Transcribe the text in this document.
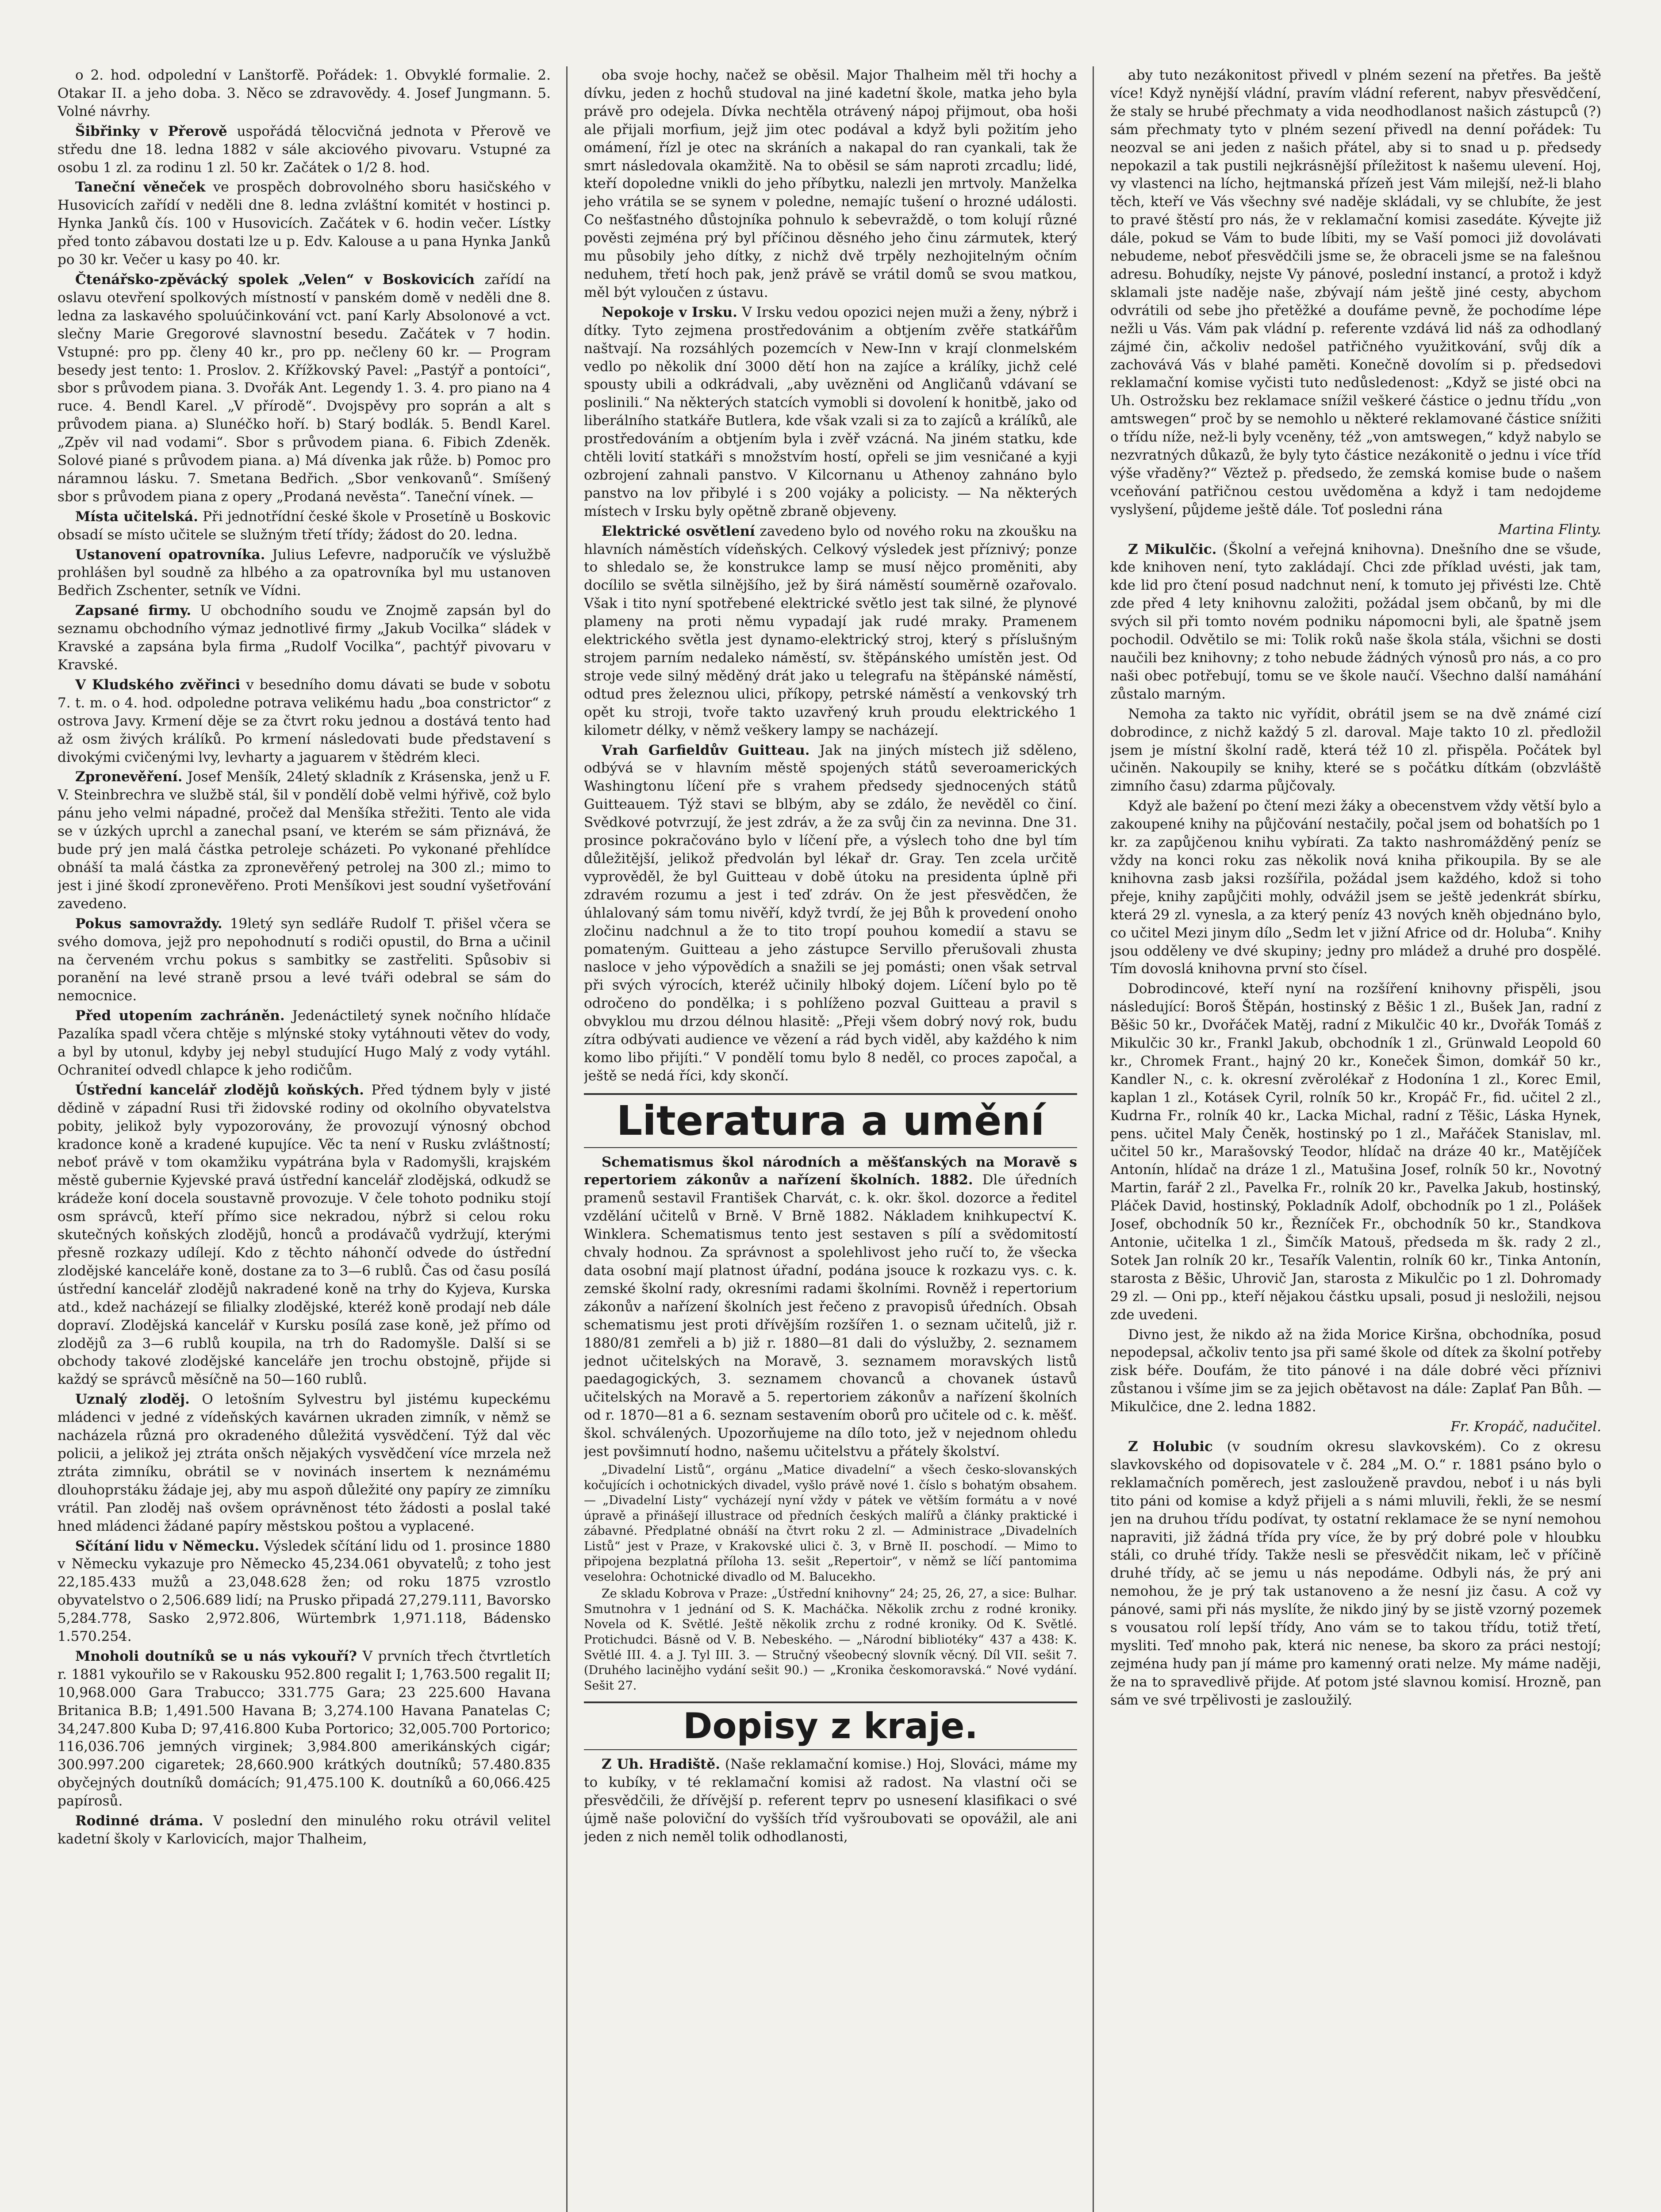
o 2. hod. odpolední v Lanštorfě. Pořádek: 1. Obvyklé formalie. 2. Otakar II. a jeho doba. 3. Něco se zdravovědy. 4. Josef Jungmann. 5. Volné návrhy.

Šibřinky v Přerově uspořádá tělocvičná jednota v Přerově ve středu dne 18. ledna 1882 v sále akciového pivovaru. Vstupné za osobu 1 zl. za rodinu 1 zl. 50 kr. Začátek o 1/2 8. hod.

Taneční věneček ve prospěch dobrovolného sboru hasičského v Husovicích zařídí v neděli dne 8. ledna zvláštní komitét v hostinci p. Hynka Janků čís. 100 v Husovicích. Začátek v 6. hodin večer. Lístky před tonto zábavou dostati lze u p. Edv. Kalouse a u pana Hynka Janků po 30 kr. Večer u kasy po 40. kr.

Čtenářsko-zpěvácký spolek „Velen“ v Boskovicích zařídí na oslavu otevření spolkových místností v panském domě v neděli dne 8. ledna za laskavého spoluúčinkování vct. paní Karly Absolonové a vct. slečny Marie Gregorové slavnostní besedu. Začátek v 7 hodin. Vstupné: pro pp. členy 40 kr., pro pp. nečleny 60 kr. — Program besedy jest tento: 1. Proslov. 2. Křížkovský Pavel: „Pastýř a pontoíci“, sbor s průvodem piana. 3. Dvořák Ant. Legendy 1. 3. 4. pro piano na 4 ruce. 4. Bendl Karel. „V přírodě“. Dvojspěvy pro soprán a alt s průvodem piana. a) Slunéčko hoří. b) Starý bodlák. 5. Bendl Karel. „Zpěv vil nad vodami“. Sbor s průvodem piana. 6. Fibich Zdeněk. Solové piané s průvodem piana. a) Má dívenka jak růže. b) Pomoc pro náramnou lásku. 7. Smetana Bedřich. „Sbor venkovanů“. Smíšený sbor s průvodem piana z opery „Prodaná nevěsta“. Taneční vínek. —

Místa učitelská. Při jednotřídní české škole v Prosetíně u Boskovic obsadí se místo učitele se služným třetí třídy; žádost do 20. ledna.

Ustanovení opatrovníka. Julius Lefevre, nadporučík ve výslužbě prohlášen byl soudně za hlbého a za opatrovníka byl mu ustanoven Bedřich Zschenter, setník ve Vídni.

Zapsané firmy. U obchodního soudu ve Znojmě zapsán byl do seznamu obchodního výmaz jednotlivé firmy „Jakub Vocilka“ sládek v Kravské a zapsána byla firma „Rudolf Vocilka“, pachtýř pivovaru v Kravské.

V Kludského zvěřinci v besedního domu dávati se bude v sobotu 7. t. m. o 4. hod. odpoledne potrava velikému hadu „boa constrictor“ z ostrova Javy. Krmení děje se za čtvrt roku jednou a dostává tento had až osm živých králíků. Po krmení následovati bude představení s divokými cvičenými lvy, levharty a jaguarem v štědrém kleci.

Zpronevěření. Josef Menšík, 24letý skladník z Krásenska, jenž u F. V. Steinbrechra ve službě stál, šil v pondělí době velmi hýřivě, což bylo pánu jeho velmi nápadné, pročež dal Menšíka střežiti. Tento ale vida se v úzkých uprchl a zanechal psaní, ve kterém se sám přiznává, že bude prý jen malá částka petroleje scházeti. Po vykonané přehlídce obnáší ta malá částka za zpronevěřený petrolej na 300 zl.; mimo to jest i jiné škodí zpronevěřeno. Proti Menšíkovi jest soudní vyšetřování zavedeno.

Pokus samovraždy. 19letý syn sedláře Rudolf T. přišel včera se svého domova, jejž pro nepohodnutí s rodiči opustil, do Brna a učinil na červeném vrchu pokus s sambitky se zastřeliti. Spůsobiv si poranění na levé straně prsou a levé tváři odebral se sám do nemocnice.

Před utopením zachráněn. Jedenáctiletý synek nočního hlídače Pazalíka spadl včera chtěje s mlýnské stoky vytáhnouti větev do vody, a byl by utonul, kdyby jej nebyl studující Hugo Malý z vody vytáhl. Ochraniteí odvedl chlapce k jeho rodičům.

Ústřední kancelář zlodějů koňských. Před týdnem byly v jisté dědině v západní Rusi tři židovské rodiny od okolního obyvatelstva pobity, jelikož byly vypozorovány, že provozují výnosný obchod kradonce koně a kradené kupujíce. Věc ta není v Rusku zvláštností; neboť právě v tom okamžiku vypátrána byla v Radomyšli, krajském městě gubernie Kyjevské pravá ústřední kancelář zlodějská, odkudž se krádeže koní docela soustavně provozuje. V čele tohoto podniku stojí osm správců, kteří přímo sice nekradou, nýbrž si celou roku skutečných koňských zlodějů, honců a prodávačů vydržují, kterými přesně rozkazy udílejí. Kdo z těchto náhončí odvede do ústřední zlodějské kanceláře koně, dostane za to 3—6 rublů. Čas od času posílá ústřední kancelář zlodějů nakradené koně na trhy do Kyjeva, Kurska atd., kdež nacházejí se filialky zlodějské, kteréž koně prodají neb dále dopraví. Zlodějská kancelář v Kursku posílá zase koně, jež přímo od zlodějů za 3—6 rublů koupila, na trh do Radomyšle. Další si se obchody takové zlodějské kanceláře jen trochu obstojně, přijde si každý se správců měsíčně na 50—160 rublů.

Uznalý zloděj. O letošním Sylvestru byl jistému kupeckému mládenci v jedné z vídeňských kavárnen ukraden zimník, v němž se nacházela různá pro okradeného důležitá vysvědčení. Týž dal věc policii, a jelikož jej ztráta onšch nějakých vysvědčení více mrzela než ztráta zimníku, obrátil se v novinách insertem k neznámému dlouhoprstáku žádaje jej, aby mu aspoň důležité ony papíry ze zimníku vrátil. Pan zloděj naš ovšem oprávněnost této žádosti a poslal také hned mládenci žádané papíry městskou poštou a vyplacené.

Sčítání lidu v Německu. Výsledek sčítání lidu od 1. prosince 1880 v Německu vykazuje pro Německo 45,234.061 obyvatelů; z toho jest 22,185.433 mužů a 23,048.628 žen; od roku 1875 vzrostlo obyvatelstvo o 2,506.689 lidí; na Prusko připadá 27,279.111, Bavorsko 5,284.778, Sasko 2,972.806, Würtembrk 1,971.118, Bádensko 1.570.254.

Mnoholi doutníků se u nás vykouří? V prvních třech čtvrtletích r. 1881 vykouřilo se v Rakousku 952.800 regalit I; 1,763.500 regalit II; 10,968.000 Gara Trabucco; 331.775 Gara; 23 225.600 Havana Britanica B.B; 1,491.500 Havana B; 3,274.100 Havana Panatelas C; 34,247.800 Kuba D; 97,416.800 Kuba Portorico; 32,005.700 Portorico; 116,036.706 jemných virginek; 3,984.800 amerikánských cigár; 300.997.200 cigaretek; 28,660.900 krátkých doutníků; 57.480.835 obyčejných doutníků domácích; 91,475.100 K. doutníků a 60,066.425 papírosů.

Rodinné dráma. V poslední den minulého roku otrávil velitel kadetní školy v Karlovicích, major Thalheim,

oba svoje hochy, načež se oběsil. Major Thalheim měl tři hochy a dívku, jeden z hochů studoval na jiné kadetní škole, matka jeho byla právě pro odejela. Dívka nechtěla otrávený nápoj přijmout, oba hoši ale přijali morfium, jejž jim otec podával a když byli požitím jeho omámení, řízl je otec na skráních a nakapal do ran cyankali, tak že smrt následovala okamžitě. Na to oběsil se sám naproti zrcadlu; lidé, kteří dopoledne vnikli do jeho příbytku, nalezli jen mrtvoly. Manželka jeho vrátila se se synem v poledne, nemajíc tušení o hrozné události. Co nešťastného důstojníka pohnulo k sebevraždě, o tom kolují různé pověsti zejména prý byl příčinou děsného jeho činu zármutek, který mu působily jeho dítky, z nichž dvě trpěly nezhojitelným očním neduhem, třetí hoch pak, jenž právě se vrátil domů se svou matkou, měl být vyloučen z ústavu.

Nepokoje v Irsku. V Irsku vedou opozici nejen muži a ženy, nýbrž i dítky. Tyto zejmena prostředovánim a obtjením zvěře statkářům naštvají. Na rozsáhlých pozemcích v New-Inn v krají clonmelském vedlo po několik dní 3000 dětí hon na zajíce a králíky, jichž celé spousty ubili a odkrádvali, „aby uvězněni od Angličanů vdávaní se poslinili.“ Na některých statcích vymobli si dovolení k honitbě, jako od liberálního statkáře Butlera, kde však vzali si za to zajíců a králíků, ale prostředováním a obtjením byla i zvěř vzácná. Na jiném statku, kde chtěli lovití statkáři s množstvím hostí, opřeli se jim vesničané a kyji ozbrojení zahnali panstvo. V Kilcornanu u Athenoy zahnáno bylo panstvo na lov přibylé i s 200 vojáky a policisty. — Na některých místech v Irsku byly opětně zbraně objeveny.

Elektrické osvětlení zavedeno bylo od nového roku na zkoušku na hlavních náměstích vídeňských. Celkový výsledek jest příznivý; ponze to shledalo se, že konstrukce lamp se musí nějco proměniti, aby docílilo se světla silnějšího, jež by širá náměstí souměrně ozařovalo. Však i tito nyní spotřebené elektrické světlo jest tak silné, že plynové plameny na proti němu vypadají jak rudé mraky. Pramenem elektrického světla jest dynamo-elektrický stroj, který s příslušným strojem parním nedaleko náměstí, sv. štěpánského umístěn jest. Od stroje vede silný měděný drát jako u telegrafu na štěpánské náměstí, odtud pres železnou ulici, příkopy, petrské náměstí a venkovský trh opět ku stroji, tvoře takto uzavřený kruh proudu elektrického 1 kilometr délky, v němž veškery lampy se nacházejí.

Vrah Garfieldův Guitteau. Jak na jiných místech již sděleno, odbývá se v hlavním městě spojených států severoamerických Washingtonu líčení pře s vrahem předsedy sjednocených států Guitteauem. Týž stavi se blbým, aby se zdálo, že nevěděl co činí. Svědkové potvrzují, že jest zdráv, a že za svůj čin za nevinna. Dne 31. prosince pokračováno bylo v líčení pře, a výslech toho dne byl tím důležitější, jelikož předvolán byl lékař dr. Gray. Ten zcela určitě vyprověděl, že byl Guitteau v době útoku na presidenta úplně při zdravém rozumu a jest i teď zdráv. On že jest přesvědčen, že úhlalovaný sám tomu nivěří, když tvrdí, že jej Bůh k provedení onoho zločinu nadchnul a že to tito tropí pouhou komedií a stavu se pomateným. Guitteau a jeho zástupce Servillo přerušovali zhusta nasloce v jeho výpovědích a snažili se jej pomásti; onen však setrval při svých výrocích, kteréž učinily hlboký dojem. Líčení bylo po tě odročeno do pondělka; i s pohlíženo pozval Guitteau a pravil s obvyklou mu drzou délnou hlasitě: „Přeji všem dobrý nový rok, budu zítra odbývati audience ve vězení a rád bych viděl, aby každého k nim komo libo přijíti.“ V pondělí tomu bylo 8 neděl, co proces započal, a ještě se nedá říci, kdy skončí.

Literatura a umění

Schematismus škol národních a měšťanských na Moravě s repertoriem zákonův a nařízení školních. 1882. Dle úředních pramenů sestavil František Charvát, c. k. okr. škol. dozorce a ředitel vzdělání učitelů v Brně. V Brně 1882. Nákladem knihkupectví K. Winklera. Schematismus tento jest sestaven s pílí a svědomitostí chvaly hodnou. Za správnost a spolehlivost jeho ručí to, že všecka data osobní mají platnost úřadní, podána jsouce k rozkazu vys. c. k. zemské školní rady, okresními radami školními. Rovněž i repertorium zákonův a nařízení školních jest řečeno z pravopisů úředních. Obsah schematismu jest proti dřívějším rozšířen 1. o seznam učitelů, již r. 1880/81 zemřeli a b) již r. 1880—81 dali do výslužby, 2. seznamem jednot učitelských na Moravě, 3. seznamem moravských listů paedagogických, 3. seznamem chovanců a chovanek ústavů učitelských na Moravě a 5. repertoriem zákonův a nařízení školních od r. 1870—81 a 6. seznam sestavením oborů pro učitele od c. k. měšť. škol. schválených. Upozorňujeme na dílo toto, jež v nejednom ohledu jest povšimnutí hodno, našemu učitelstvu a přátely školství.

„Divadelní Listů“, orgánu „Matice divadelní“ a všech česko-slovanských kočujících i ochotnických divadel, vyšlo právě nové 1. číslo s bohatým obsahem. — „Divadelní Listy“ vycházejí nyní vždy v pátek ve větším formátu a v nové úpravě a přinášejí illustrace od předních českých malířů a články praktické i zábavné. Předplatné obnáší na čtvrt roku 2 zl. — Administrace „Divadelních Listů“ jest v Praze, v Krakovské ulici č. 3, v Brně II. poschodí. — Mimo to připojena bezplatná příloha 13. sešit „Repertoir“, v němž se líčí pantomima veselohra: Ochotnické divadlo od M. Balucekho.

Ze skladu Kobrova v Praze: „Ústřední knihovny“ 24; 25, 26, 27, a sice: Bulhar. Smutnohra v 1 jednání od S. K. Macháčka. Několik zrchu z rodné kroniky. Novela od K. Světlé. Ještě několik zrchu z rodné kroniky. Od K. Světlé. Protichudci. Básně od V. B. Nebeského. — „Národní bibliotéky“ 437 a 438: K. Světlé III. 4. a J. Tyl III. 3. — Stručný všeobecný slovník věcný. Díl VII. sešit 7. (Druhého lacinějho vydání sešit 90.) — „Kronika českomoravská.“ Nové vydání. Sešit 27.

Dopisy z kraje.

Z Uh. Hradiště. (Naše reklamační komise.) Hoj, Slováci, máme my to kubíky, v té reklamační komisi až radost. Na vlastní oči se přesvědčili, že dřívější p. referent teprv po usnesení klasifikaci o své újmě naše poloviční do vyšších tříd vyšroubovati se opovážil, ale ani jeden z nich neměl tolik odhodlanosti,

aby tuto nezákonitost přivedl v plném sezení na přetřes. Ba ještě více! Když nynější vládní, pravím vládní referent, nabyv přesvědčení, že staly se hrubé přechmaty a vida neodhodlanost našich zástupců (?) sám přechmaty tyto v plném sezení přivedl na denní pořádek: Tu neozval se ani jeden z našich přátel, aby si to snad u p. předsedy nepokazil a tak pustili nejkrásnější příležitost k našemu ulevení. Hoj, vy vlastenci na lícho, hejtmanská přízeň jest Vám milejší, než-li blaho těch, kteří ve Vás všechny své naděje skládali, vy se chlubíte, že jest to pravé štěstí pro nás, že v reklamační komisi zasedáte. Kývejte již dále, pokud se Vám to bude líbiti, my se Vaší pomoci již dovolávati nebudeme, neboť přesvědčili jsme se, že obraceli jsme se na falešnou adresu. Bohudíky, nejste Vy pánové, poslední instancí, a protož i když sklamali jste naděje naše, zbývají nám ještě jiné cesty, abychom odvrátili od sebe jho přetěžké a doufáme pevně, že pochodíme lépe nežli u Vás. Vám pak vládní p. referente vzdává lid náš za odhodlaný zájmé čin, ačkoliv nedošel patřičného využitkování, svůj dík a zachovává Vás v blahé paměti. Konečně dovolím si p. předsedovi reklamační komise vyčisti tuto nedůsledenost: „Když se jisté obci na Uh. Ostrožsku bez reklamace snížil veškeré částice o jednu třídu „von amtswegen“ proč by se nemohlo u některé reklamované částice snížiti o třídu níže, než-li byly vceněny, též „von amtswegen,“ když nabylo se nezvratných důkazů, že byly tyto částice nezákonitě o jednu i více tříd výše vřaděny?“ Věztež p. předsedo, že zemská komise bude o našem vceňování patřičnou cestou uvědoměna a když i tam nedojdeme vyslyšení, půjdeme ještě dále. Toť posledni rána

Martina Flinty.

Z Mikulčic. (Školní a veřejná knihovna). Dnešního dne se všude, kde knihoven není, tyto zakládají. Chci zde příklad uvésti, jak tam, kde lid pro čtení posud nadchnut není, k tomuto jej přivésti lze. Chtě zde před 4 lety knihovnu založiti, požádal jsem občanů, by mi dle svých sil při tomto novém podniku nápomocni byli, ale špatně jsem pochodil. Odvětilo se mi: Tolik roků naše škola stála, všichni se dosti naučili bez knihovny; z toho nebude žádných výnosů pro nás, a co pro naši obec potřebují, tomu se ve škole naučí. Všechno další namáhání zůstalo marným.

Nemoha za takto nic vyřídit, obrátil jsem se na dvě známé cizí dobrodince, z nichž každý 5 zl. daroval. Maje takto 10 zl. předložil jsem je místní školní radě, která též 10 zl. přispěla. Počátek byl učiněn. Nakoupily se knihy, které se s počátku dítkám (obzvláště zimního času) zdarma půjčovaly.

Když ale bažení po čtení mezi žáky a obecenstvem vždy větší bylo a zakoupené knihy na půjčování nestačily, počal jsem od bohatších po 1 kr. za zapůjčenou knihu vybírati. Za takto nashromážděný peníz se vždy na konci roku zas několik nová kniha přikoupila. By se ale knihovna zasb jaksi rozšířila, požádal jsem každého, kdož si toho přeje, knihy zapůjčiti mohly, odvážil jsem se ještě jedenkrát sbírku, která 29 zl. vynesla, a za který peníz 43 nových kněh objednáno bylo, co učitel Mezi jinym dílo „Sedm let v jižní Africe od dr. Holuba“. Knihy jsou odděleny ve dvé skupiny; jedny pro mládež a druhé pro dospělé. Tím dovoslá knihovna první sto čísel.

Dobrodincové, kteří nyní na rozšíření knihovny přispěli, jsou následující: Boroš Štěpán, hostinský z Běšic 1 zl., Bušek Jan, radní z Běšic 50 kr., Dvořáček Matěj, radní z Mikulčic 40 kr., Dvořák Tomáš z Mikulčic 30 kr., Frankl Jakub, obchodník 1 zl., Grünwald Leopold 60 kr., Chromek Frant., hajný 20 kr., Koneček Šimon, domkář 50 kr., Kandler N., c. k. okresní zvěrolékař z Hodonína 1 zl., Korec Emil, kaplan 1 zl., Kotásek Cyril, rolník 50 kr., Kropáč Fr., fid. učitel 2 zl., Kudrna Fr., rolník 40 kr., Lacka Michal, radní z Těšic, Láska Hynek, pens. učitel Maly Čeněk, hostinský po 1 zl., Mařáček Stanislav, ml. učitel 50 kr., Marašovský Teodor, hlídač na dráze 40 kr., Matějíček Antonín, hlídač na dráze 1 zl., Matušina Josef, rolník 50 kr., Novotný Martin, farář 2 zl., Pavelka Fr., rolník 20 kr., Pavelka Jakub, hostinský, Pláček David, hostinský, Pokladník Adolf, obchodník po 1 zl., Polášek Josef, obchodník 50 kr., Řezníček Fr., obchodník 50 kr., Standkova Antonie, učitelka 1 zl., Šimčík Matouš, předseda m šk. rady 2 zl., Sotek Jan rolník 20 kr., Tesařík Valentin, rolník 60 kr., Tinka Antonín, starosta z Běšic, Uhrovič Jan, starosta z Mikulčic po 1 zl. Dohromady 29 zl. — Oni pp., kteří nějakou částku upsali, posud ji nesložili, nejsou zde uvedeni.

Divno jest, že nikdo až na žida Morice Kiršna, obchodníka, posud nepodepsal, ačkoliv tento jsa při samé škole od dítek za školní potřeby zisk béře. Doufám, že tito pánové i na dále dobré věci příznivi zůstanou i všíme jim se za jejich obětavost na dále: Zaplať Pan Bůh. — Mikulčice, dne 2. ledna 1882.

Fr. Kropáč, nadučitel.

Z Holubic (v soudním okresu slavkovském). Co z okresu slavkovského od dopisovatele v č. 284 „M. O.“ r. 1881 psáno bylo o reklamačních poměrech, jest zaslouženě pravdou, neboť i u nás byli tito páni od komise a když přijeli a s námi mluvili, řekli, že se nesmí jen na druhou třídu podívat, ty ostatní reklamace že se nyní nemohou napraviti, již žádná třída pry více, že by prý dobré pole v hloubku stáli, co druhé třídy. Takže nesli se přesvědčit nikam, leč v příčině druhé třídy, ač se jemu u nás nepodáme. Odbyli nás, že prý ani nemohou, že je prý tak ustanoveno a že nesní jiz času. A což vy pánové, sami při nás myslíte, že nikdo jiný by se jistě vzorný pozemek s vousatou rolí lepší třídy, Ano vám se to takou třídu, totiž třetí, mysliti. Teď mnoho pak, která nic nenese, ba skoro za práci nestojí; zejména hudy pan jí máme pro kamenný orati nelze. My máme naději, že na to spravedlivě přijde. Ať potom jsté slavnou komisí. Hrozně, pan sám ve své trpělivosti je zasloužilý.
